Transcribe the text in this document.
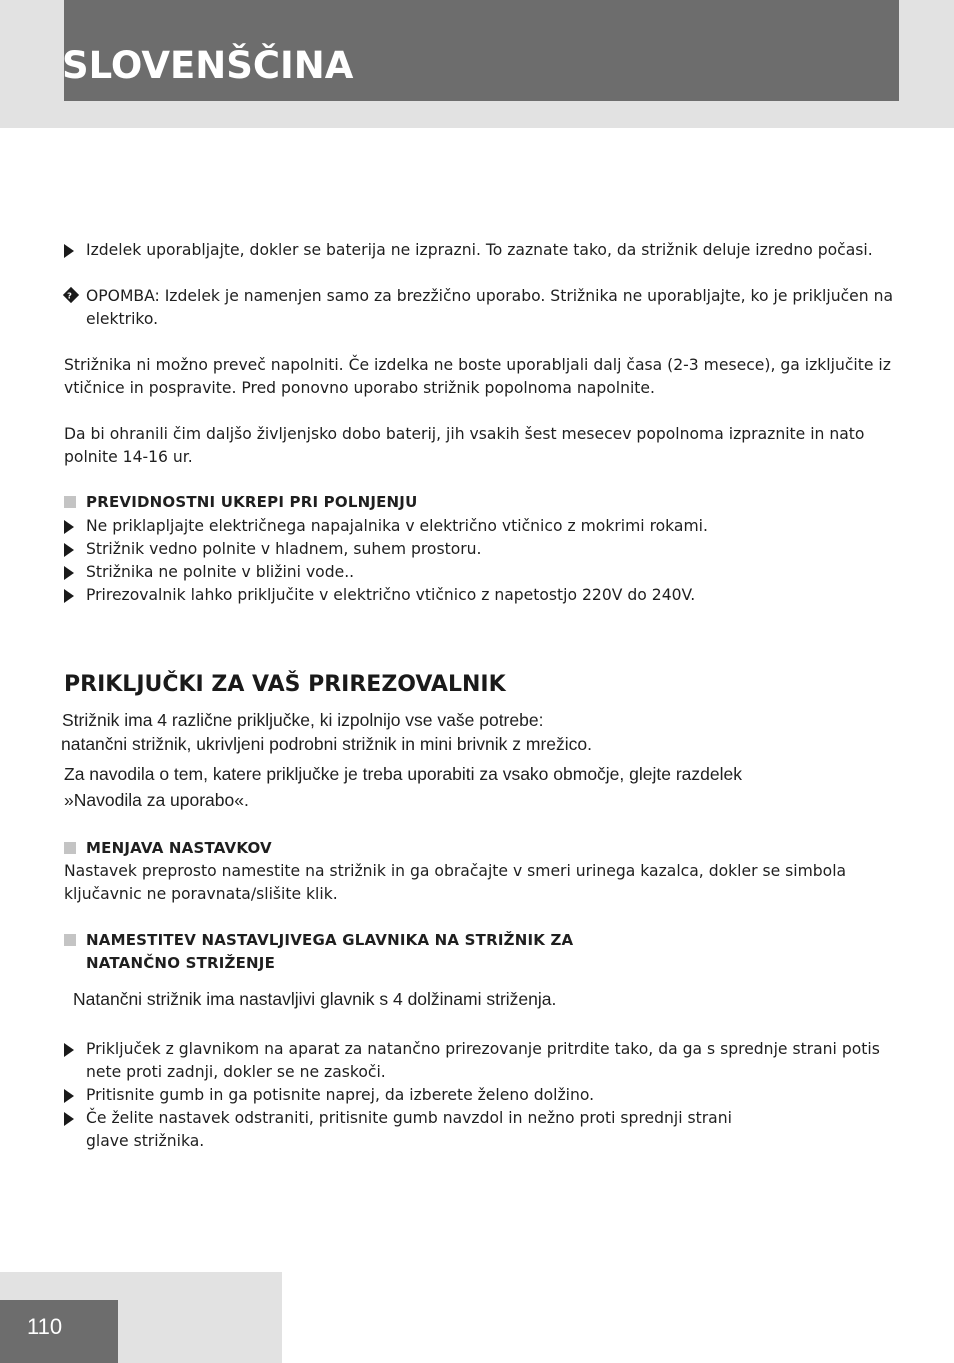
SLOVENŠČINA
Izdelek uporabljajte, dokler se baterija ne izprazni. To zaznate tako, da strižnik deluje izredno počasi.
?
OPOMBA: Izdelek je namenjen samo za brezžično uporabo. Strižnika ne uporabljajte, ko je priključen na elektriko.
Strižnika ni možno preveč napolniti. Če izdelka ne boste uporabljali dalj časa (2-3 mesece), ga izključite iz vtičnice in pospravite. Pred ponovno uporabo strižnik popolnoma napolnite.
Da bi ohranili čim daljšo življenjsko dobo baterij, jih vsakih šest mesecev popolnoma izpraznite in nato polnite 14-16 ur.
PREVIDNOSTNI UKREPI PRI POLNJENJU
Ne priklapljajte električnega napajalnika v električno vtičnico z mokrimi rokami.
Strižnik vedno polnite v hladnem, suhem prostoru.
Strižnika ne polnite v bližini vode..
Prirezovalnik lahko priključite v električno vtičnico z napetostjo 220V do 240V.
PRIKLJUČKI ZA VAŠ PRIREZOVALNIK
Strižnik ima 4 različne priključke, ki izpolnijo vse vaše potrebe:
natančni strižnik, ukrivljeni podrobni strižnik in mini brivnik z mrežico.
Za navodila o tem, katere priključke je treba uporabiti za vsako območje, glejte razdelek
»Navodila za uporabo«.
MENJAVA NASTAVKOV
Nastavek preprosto namestite na strižnik in ga obračajte v smeri urinega kazalca, dokler se simbola ključavnic ne poravnata/slišite klik.
NAMESTITEV NASTAVLJIVEGA GLAVNIKA NA STRIŽNIK ZA
NATANČNO STRIŽENJE
Natančni strižnik ima nastavljivi glavnik s 4 dolžinami striženja.
Priključek z glavnikom na aparat za natančno prirezovanje pritrdite tako, da ga s sprednje strani potis nete proti zadnji, dokler se ne zaskoči.
Pritisnite gumb in ga potisnite naprej, da izberete želeno dolžino.
Če želite nastavek odstraniti, pritisnite gumb navzdol in nežno proti sprednji strani glave strižnika.
110
